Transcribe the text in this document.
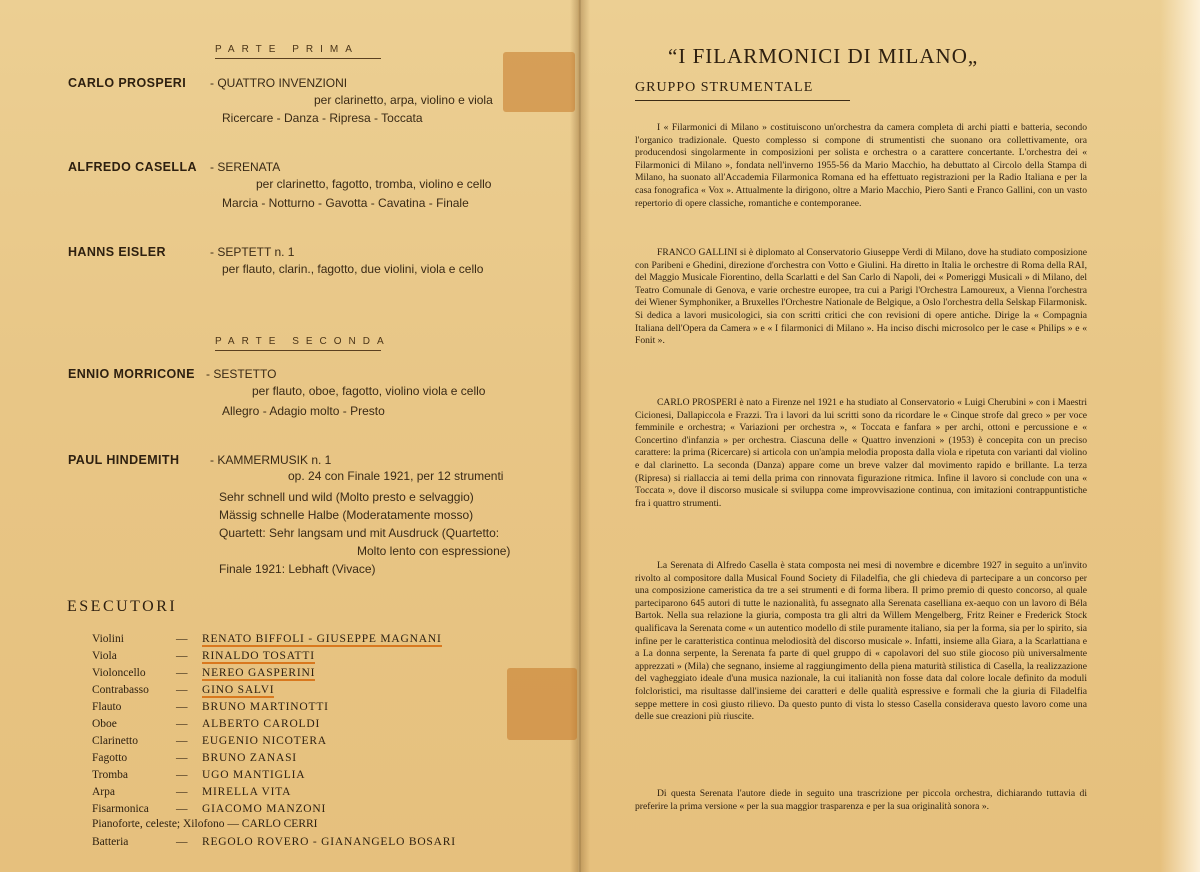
PARTE PRIMA
CARLO PROSPERI - QUATTRO INVENZIONI
per clarinetto, arpa, violino e viola
Ricercare - Danza - Ripresa - Toccata
ALFREDO CASELLA - SERENATA
per clarinetto, fagotto, tromba, violino e cello
Marcia - Notturno - Gavotta - Cavatina - Finale
HANNS EISLER	- SEPTETT n. 1
per flauto, clarin., fagotto, due violini, viola e cello
PARTE SECONDA
ENNIO MORRICONE - SESTETTO
per flauto, oboe, fagotto, violino viola e cello
Allegro - Adagio molto - Presto
PAUL HINDEMITH	- KAMMERMUSIK n. 1
op. 24 con Finale 1921, per 12 strumenti
Sehr schnell und wild (Molto presto e selvaggio)
Mässig schnelle Halbe (Moderatamente mosso)
Quartett: Sehr langsam und mit Ausdruck (Quartetto:
Molto lento con espressione)
Finale 1921: Lebhaft (Vivace)
ESECUTORI
Violini	— RENATO BIFFOLI - GIUSEPPE MAGNANI
Viola	— RINALDO TOSATTI
Violoncello	— NEREO GASPERINI
Contrabasso — GINO SALVI
Flauto	— BRUNO MARTINOTTI
Oboe	— ALBERTO CAROLDI
Clarinetto	— EUGENIO NICOTERA
Fagotto	— BRUNO ZANASI
Tromba	— UGO MANTIGLIA
Arpa	— MIRELLA VITA
Fisarmonica — GIACOMO MANZONI
Pianoforte, celeste; Xilofono — CARLO CERRI
Batteria	— REGOLO ROVERO - GIANANGELO BOSARI
“I FILARMONICI DI MILANO„
GRUPPO STRUMENTALE
I « Filarmonici di Milano » costituiscono un'orchestra da camera completa di archi piatti e batteria, secondo l'organico tradizionale. Questo complesso si compone di strumentisti che suonano ora collettivamente, ora producendosi singolarmente in composizioni per solista e orchestra o a carattere concertante. L'orchestra dei « Filarmonici di Milano », fondata nell'inverno 1955-56 da Mario Macchio, ha debuttato al Circolo della Stampa di Milano, ha suonato all'Accademia Filarmonica Romana ed ha effettuato registrazioni per la Radio Italiana e per la casa fonografica « Vox ». Attualmente la dirigono, oltre a Mario Macchio, Piero Santi e Franco Gallini, con un vasto repertorio di opere classiche, romantiche e contemporanee.
FRANCO GALLINI si è diplomato al Conservatorio Giuseppe Verdi di Milano, dove ha studiato composizione con Paribeni e Ghedini, direzione d'orchestra con Votto e Giulini. Ha diretto in Italia le orchestre di Roma della RAI, del Maggio Musicale Fiorentino, della Scarlatti e del San Carlo di Napoli, dei « Pomeriggi Musicali » di Milano, del Teatro Comunale di Genova, e varie orchestre europee, tra cui a Parigi l'Orchestra Lamoureux, a Vienna l'orchestra dei Wiener Symphoniker, a Bruxelles l'Orchestre Nationale de Belgique, a Oslo l'orchestra della Selskap Filarmonisk. Si dedica a lavori musicologici, sia con scritti critici che con revisioni di opere antiche. Dirige la « Compagnia Italiana dell'Opera da Camera » e « I filarmonici di Milano ». Ha inciso dischi microsolco per le case « Philips » e « Fonit ».
CARLO PROSPERI è nato a Firenze nel 1921 e ha studiato al Conservatorio « Luigi Cherubini » con i Maestri Cicionesi, Dallapiccola e Frazzi. Tra i lavori da lui scritti sono da ricordare le « Cinque strofe dal greco » per voce femminile e orchestra; « Variazioni per orchestra », « Toccata e fanfara » per archi, ottoni e percussione e « Concertino d'infanzia » per orchestra. Ciascuna delle « Quattro invenzioni » (1953) è concepita con un preciso carattere: la prima (Ricercare) si articola con un'ampia melodia proposta dalla viola e ripetuta con varianti dal violino e dal clarinetto. La seconda (Danza) appare come un breve valzer dal movimento rapido e brillante. La terza (Ripresa) si riallaccia ai temi della prima con rinnovata figurazione ritmica. Infine il lavoro si conclude con una « Toccata », dove il discorso musicale si sviluppa come improvvisazione continua, con imitazioni contrappuntistiche fra i quattro strumenti.
La Serenata di Alfredo Casella è stata composta nei mesi di novembre e dicembre 1927 in seguito a un'invito rivolto al compositore dalla Musical Found Society di Filadelfia, che gli chiedeva di partecipare a un concorso per una composizione cameristica da tre a sei strumenti e di forma libera. Il primo premio di questo concorso, al quale parteciparono 645 autori di tutte le nazionalità, fu assegnato alla Serenata caselliana ex-aequo con un lavoro di Béla Bartok. Nella sua relazione la giuria, composta tra gli altri da Willem Mengelberg, Fritz Reiner e Frederick Stock qualificava la Serenata come « un autentico modello di stile puramente italiano, sia per la forma, sia per lo spirito, sia infine per le caratteristica continua melodiosità del discorso musicale ». Infatti, insieme alla Giara, a la Scarlattiana e a La donna serpente, la Serenata fa parte di quel gruppo di « capolavori del suo stile giocoso più universalmente apprezzati » (Mila) che segnano, insieme al raggiungimento della piena maturità stilistica di Casella, la realizzazione del vagheggiato ideale d'una musica nazionale, la cui italianità non fosse data dal colore locale definito da moduli folcloristici, ma risultasse dall'insieme dei caratteri e delle qualità espressive e formali che la giuria di Filadelfia seppe mettere in così giusto rilievo. Da questo punto di vista lo stesso Casella considerava questo lavoro come una delle sue creazioni più riuscite.
Di questa Serenata l'autore diede in seguito una trascrizione per piccola orchestra, dichiarando tuttavia di preferire la prima versione « per la sua maggior trasparenza e per la sua originalità sonora ».
